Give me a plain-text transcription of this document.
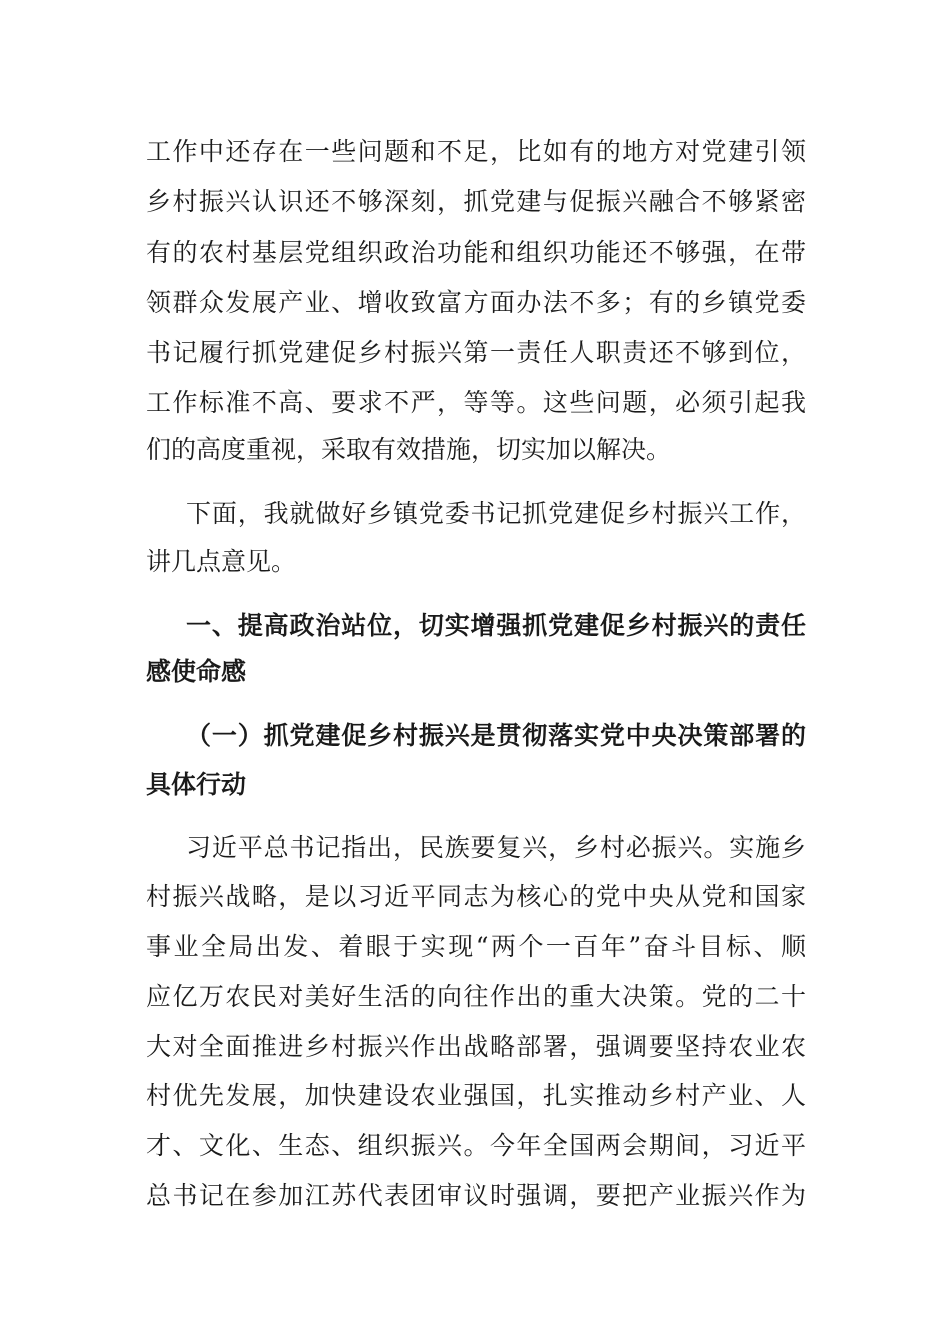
工作中还存在一些问题和不足，比如有的地方对党建引领
乡村振兴认识还不够深刻，抓党建与促振兴融合不够紧密
有的农村基层党组织政治功能和组织功能还不够强，在带
领群众发展产业、增收致富方面办法不多；有的乡镇党委
书记履行抓党建促乡村振兴第一责任人职责还不够到位，
工作标准不高、要求不严，等等。这些问题，必须引起我
们的高度重视，采取有效措施，切实加以解决。
下面，我就做好乡镇党委书记抓党建促乡村振兴工作，
讲几点意见。
一、提高政治站位，切实增强抓党建促乡村振兴的责任
感使命感
（一）抓党建促乡村振兴是贯彻落实党中央决策部署的
具体行动
习近平总书记指出，民族要复兴，乡村必振兴。实施乡
村振兴战略，是以习近平同志为核心的党中央从党和国家
事业全局出发、着眼于实现“两个一百年”奋斗目标、顺
应亿万农民对美好生活的向往作出的重大决策。党的二十
大对全面推进乡村振兴作出战略部署，强调要坚持农业农
村优先发展，加快建设农业强国，扎实推动乡村产业、人
才、文化、生态、组织振兴。今年全国两会期间，习近平
总书记在参加江苏代表团审议时强调，要把产业振兴作为
